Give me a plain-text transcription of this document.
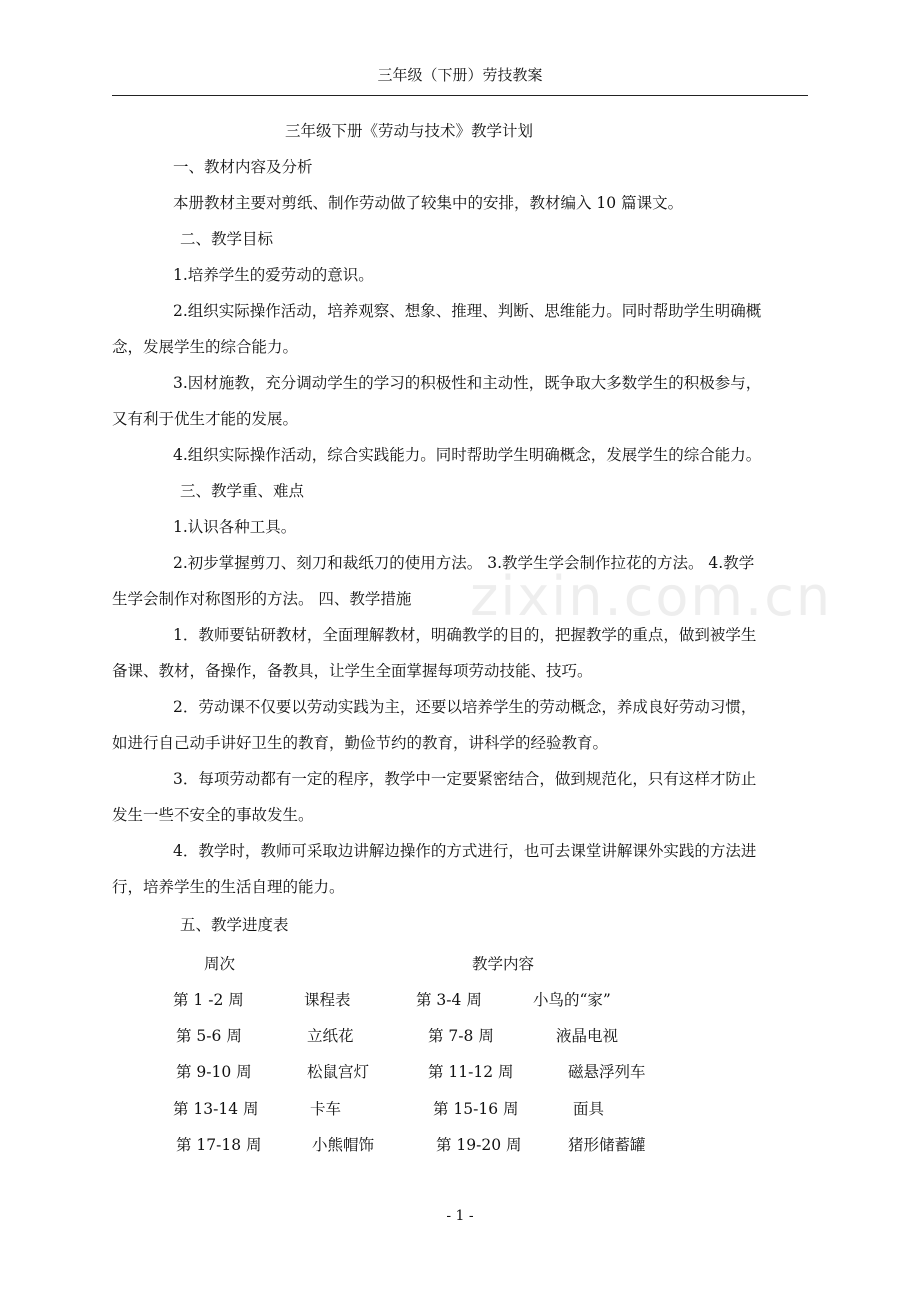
三年级（下册）劳技教案
三年级下册《劳动与技术》教学计划
一、教材内容及分析
本册教材主要对剪纸、制作劳动做了较集中的安排，教材编入 10 篇课文。
二、教学目标
1.培养学生的爱劳动的意识。
2.组织实际操作活动，培养观察、想象、推理、判断、思维能力。同时帮助学生明确概
念，发展学生的综合能力。
3.因材施教，充分调动学生的学习的积极性和主动性，既争取大多数学生的积极参与，
又有利于优生才能的发展。
4.组织实际操作活动，综合实践能力。同时帮助学生明确概念，发展学生的综合能力。
三、教学重、难点
1.认识各种工具。
2.初步掌握剪刀、刻刀和裁纸刀的使用方法。 3.教学生学会制作拉花的方法。 4.教学
生学会制作对称图形的方法。 四、教学措施
1．教师要钻研教材，全面理解教材，明确教学的目的，把握教学的重点，做到被学生
备课、教材，备操作，备教具，让学生全面掌握每项劳动技能、技巧。
2．劳动课不仅要以劳动实践为主，还要以培养学生的劳动概念，养成良好劳动习惯，
如进行自己动手讲好卫生的教育，勤俭节约的教育，讲科学的经验教育。
3．每项劳动都有一定的程序，教学中一定要紧密结合，做到规范化，只有这样才防止
发生一些不安全的事故发生。
4．教学时，教师可采取边讲解边操作的方式进行，也可去课堂讲解课外实践的方法进
行，培养学生的生活自理的能力。
五、教学进度表
周次	教学内容
第 1 -2 周	课程表	第 3-4 周	小鸟的“家”
第 5-6 周	立纸花	第 7-8 周	液晶电视
第 9-10 周	松鼠宫灯	第 11-12 周	磁悬浮列车
第 13-14 周	卡车	第 15-16 周	面具
第 17-18 周	小熊帽饰	第 19-20 周	猪形储蓄罐
zixin.com.cn
- 1 -
